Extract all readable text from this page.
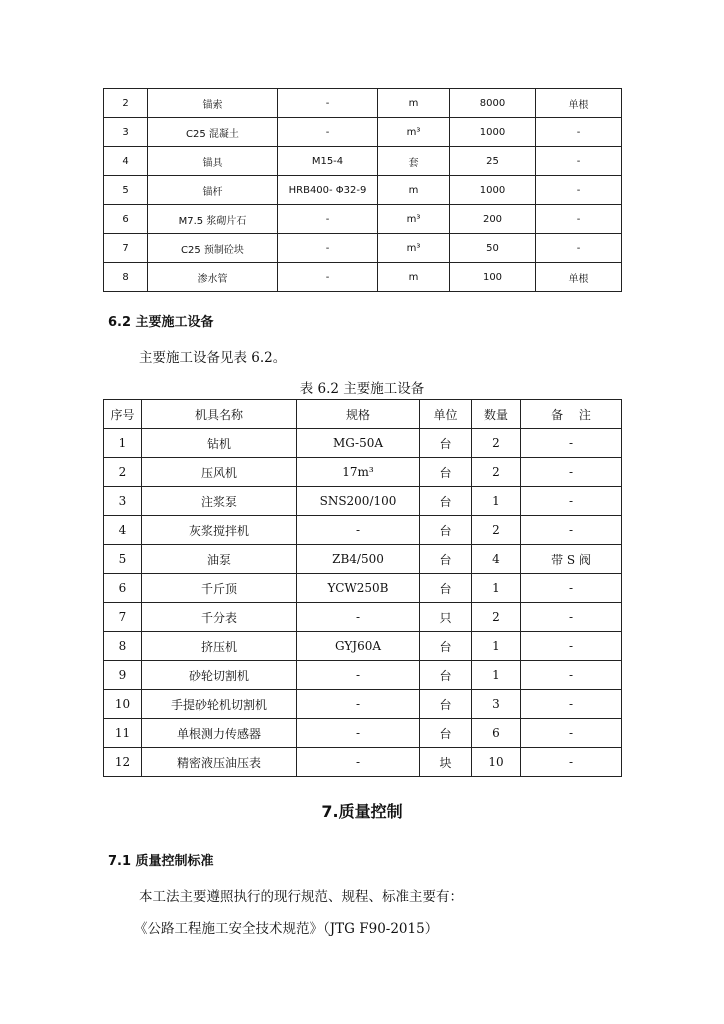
2	锚索	-	m	8000	单根
3	C25 混凝土	-	m³	1000	-
4	锚具	M15-4	套	25	-
5	锚杆	HRB400- Φ32-9	m	1000	-
6	M7.5 浆砌片石	-	m³	200	-
7	C25 预制砼块	-	m³	50	-
8	渗水管	-	m	100	单根
6.2 主要施工设备
主要施工设备见表 6.2。
表 6.2 主要施工设备
序号	机具名称	规格	单位	数量	备　 注
1	钻机	MG-50A	台	2	-
2	压风机	17m³	台	2	-
3	注浆泵	SNS200/100	台	1	-
4	灰浆搅拌机	-	台	2	-
5	油泵	ZB4/500	台	4	带 S 阀
6	千斤顶	YCW250B	台	1	-
7	千分表	-	只	2	-
8	挤压机	GYJ60A	台	1	-
9	砂轮切割机	-	台	1	-
10	手提砂轮机切割机	-	台	3	-
11	单根测力传感器	-	台	6	-
12	精密液压油压表	-	块	10	-
7.质量控制
7.1 质量控制标准
本工法主要遵照执行的现行规范、规程、标准主要有：
《公路工程施工安全技术规范》（JTG F90-2015）
